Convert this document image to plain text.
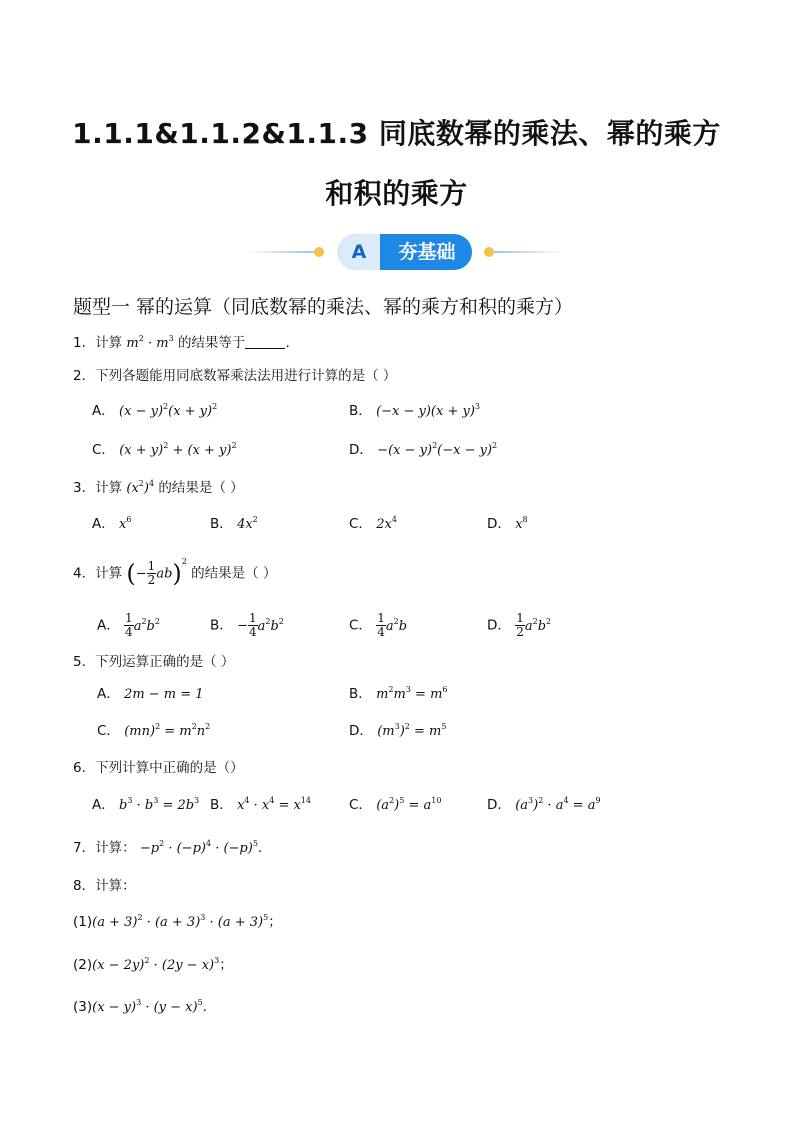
1.1.1&1.1.2&1.1.3 同底数幂的乘法、幂的乘方
和积的乘方
A	夯基础
题型一 幂的运算（同底数幂的乘法、幂的乘方和积的乘方）
1．计算 $m^2 \cdot m^3$ 的结果等于	.
2．下列各题能用同底数幂乘法法用进行计算的是（ ）
A． $(x - y)^2(x + y)^2$	B． $(-x - y)(x + y)^3$
C． $(x + y)^2 + (x + y)^2$	D． $-(x - y)^2(-x - y)^2$
3．计算 $(x^2)^4$ 的结果是（ ）
A． $x^6$	B． $4x^2$	C． $2x^4$	D． $x^8$
4．计算 (− $\frac{1}{2} ab)^2$ 的结果是（ ）
A． $\frac{1}{4} a^2b^2$	B． − $\frac{1}{4} a^2b^2$	C． $\frac{1}{4} a^2b$	D． $\frac{1}{2} a^2b^2$
5．下列运算正确的是（ ）
A． 2m − m = 1	B． $m^2m^3 = m^6$
C． $(mn)^2 = m^2n^2$	D． $(m^3)^2 = m^5$
6．下列计算中正确的是（）
A． $b^3 \cdot b^3 = 2b^3$ B． $x^4 \cdot x^4 = x^{14}$	C． $(a^2)^5 = a^{10}$	D． $(a^3)^2 \cdot a^4 = a^9$
7．计算： $-p^2 \cdot (-p)^4 \cdot (-p)^5$.
8．计算：
$(1)(a + 3)^2 \cdot (a + 3)^3 \cdot (a + 3)^5$；
$(2)(x - 2y)^2 \cdot (2y - x)^3$；
$(3)(x - y)^3 \cdot (y - x)^5$.
